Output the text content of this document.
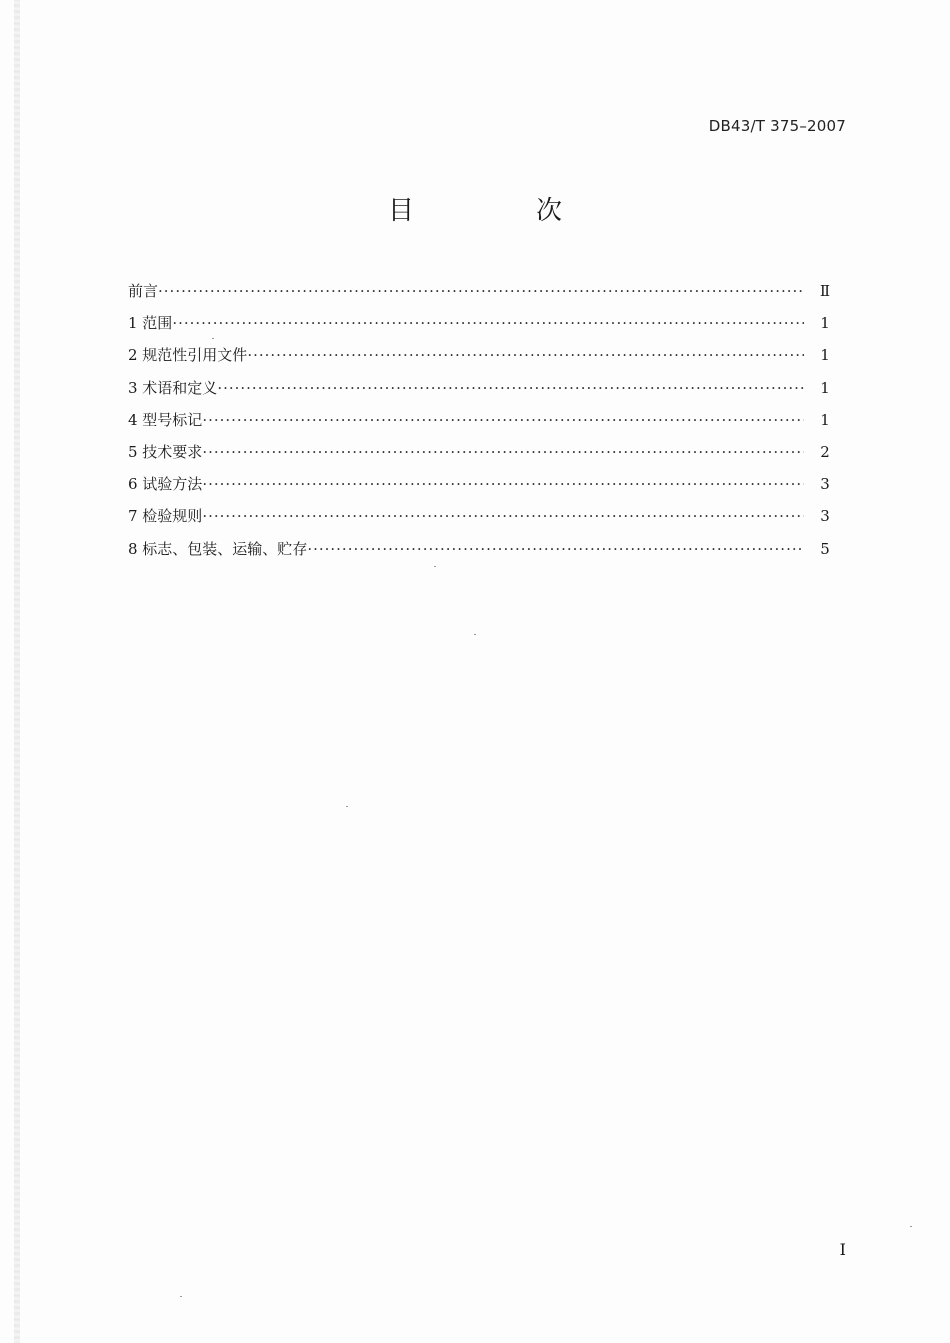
DB43/T 375–2007
目　次
前言 ·····	Ⅱ
1 范围 ·····	1
2 规范性引用文件 ·····	1
3 术语和定义 ·····	1
4 型号标记 ·····	1
5 技术要求 ·····	2
6 试验方法 ·····	3
7 检验规则 ·····	3
8 标志、包装、运输、贮存 ·····	5
I
